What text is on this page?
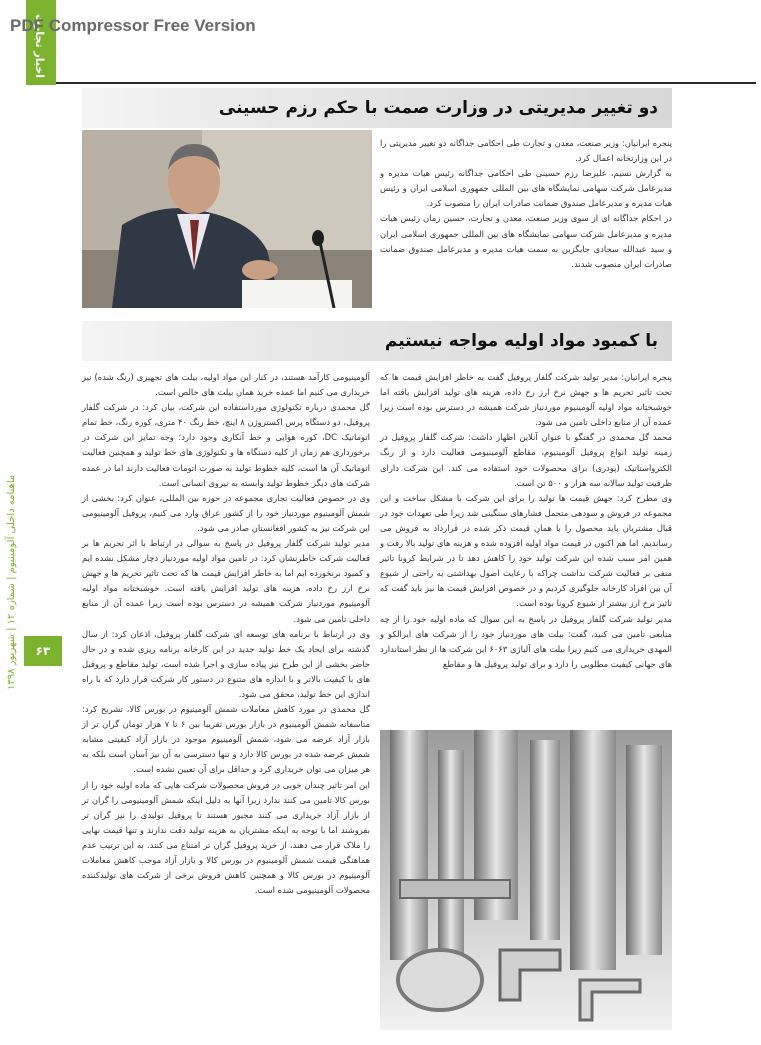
PDF Compressor Free Version
اخبار تجارت
ماهنامه داخلی آلومینیوم | شماره ۱۲ | شهریور ۱۳۹۸
۶۳
دو تغییر مدیریتی در وزارت صمت با حکم رزم حسینی

پنجره ایرانیان: وزیر صنعت، معدن و تجارت طی احکامی جداگانه دو تغییر مدیریتی را در این وزارتخانه اعمال کرد.

به گزارش نسیم، علیرضا رزم حسینی طی احکامی جداگانه رئیس هیات مدیره و مدیرعامل شرکت سهامی نمایشگاه های بین المللی جمهوری اسلامی ایران و رئیس هیات مدیره و مدیرعامل صندوق ضمانت صادرات ایران را منصوب کرد.

در احکام جداگانه ای از سوی وزیر صنعت، معدن و تجارت، حسین زمان رئیس هیات مدیره و مدیرعامل شرکت سهامی نمایشگاه های بین المللی جمهوری اسلامی ایران و سید عبدالله سجادی جایگزین به سمت هیات مدیره و مدیرعامل صندوق ضمانت صادرات ایران منصوب شدند.

با کمبود مواد اولیه مواجه نیستیم

پنجره ایرانیان: مدیر تولید شرکت گلفار پروفیل گفت به خاطر افزایش قیمت ها که تحت تاثیر تحریم ها و جهش نرخ ارز رخ داده، هزینه های تولید افزایش یافته اما خوشبختانه مواد اولیه آلومینیوم موردنیاز شرکت همیشه در دسترس بوده است زیرا عمده آن از منابع داخلی تامین می شود.

محمد گل محمدی در گفتگو با عنوان آنلاین اظهار داشت: شرکت گلفار پروفیل در زمینه تولید انواع پروفیل آلومینیوم، مقاطع آلومینیومی فعالیت دارد و از رنگ الکترواستاتیک (پودری) برای محصولات خود استفاده می کند. این شرکت دارای ظرفیت تولید سالانه سه هزار و ۵۰۰ تن است.

وی مطرح کرد: جهش قیمت ها تولید را برای این شرکت با مشکل ساخت و این مجموعه در فروش و سودهی متحمل فشارهای سنگینی شد زیرا طی تعهدات خود در قبال مشتریان باید محصول را با همان قیمت ذکر شده در قرارداد به فروش می رساندیم. اما هم اکنون در قیمت مواد اولیه افزوده شده و هزینه های تولید بالا رفت و همین امر سبب شده این شرکت تولید خود را کاهش دهد تا در شرایط کرونا تاثیر منفی بر فعالیت شرکت نداشت چراکه با رعایت اصول بهداشتی به راحتی از شیوع آن بین افراد کارخانه جلوگیری کردیم و در خصوص افزایش قیمت ها نیز باید گفت که تاثیر نرخ ارز بیشتر از شیوع کرونا بوده است.

مدیر تولید شرکت گلفار پروفیل در پاسخ به این سوال که ماده اولیه خود را از چه منابعی تامین می کنید، گفت: بیلت های موردنیاز خود را از شرکت های ایرالکو و المهدی خریداری می کنیم زیرا بیلت های آلیاژی ۶۰۶۳ این شرکت ها از نظر استاندارد های جهانی کیفیت مطلوبی را دارد و برای تولید پروفیل ها و مقاطع

آلومینیومی کارآمد هستند، در کنار این مواد اولیه، بیلت های تجهیزی (رنگ شده) نیز خریداری می کنیم اما عمده خرید همان بیلت های خالص است.

گل محمدی درباره تکنولوژی مورداستفاده این شرکت، بیان کرد: در شرکت گلفار پروفیل، دو دستگاه پرس اکستروژن ۸ اینچ، خط رنگ ۴۰ متری، کوره رنگ، خط تمام اتوماتیک DC، کوره هوایی و خط آنکاری وجود دارد؛ وجه تمایز این شرکت در برخورداری هم زمان از کلیه دستگاه ها و تکنولوژی های خط تولید و همچنین فعالیت اتوماتیک آن ها است، کلیه خطوط تولید به صورت اتومات فعالیت دارند اما در عمده شرکت های دیگر خطوط تولید وابسته به نیروی انسانی است.

وی در خصوص فعالیت تجاری مجموعه در حوزه بین المللی، عنوان کرد: بخشی از شمش آلومینیوم موردنیاز خود را از کشور عراق وارد می کنیم، پروفیل آلومینیومی این شرکت نیز به کشور افغانستان صادر می شود.

مدیر تولید شرکت گلفار پروفیل در پاسخ به سوالی در ارتباط با اثر تحریم ها بر فعالیت شرکت خاطرنشان کرد: در تامین مواد اولیه موردنیاز دچار مشکل نشده ایم و کمبود برنخورده ایم اما به خاطر افزایش قیمت ها که تحت تاثیر تحریم ها و جهش نرخ ارز رخ داده، هزینه های تولید افزایش یافته است. خوشبختانه مواد اولیه آلومینیوم موردنیاز شرکت همیشه در دسترس بوده است زیرا عمده آن از منابع داخلی تامین می شود.

وی در ارتباط با برنامه های توسعه ای شرکت گلفار پروفیل، اذعان کرد: از سال گذشته برای ایجاد یک خط تولید جدید در این کارخانه برنامه ریزی شده و در حال حاضر بخشی از این طرح نیز پیاده سازی و اجرا شده است، تولید مقاطع و پروفیل های با کیفیت بالاتر و با اندازه های متنوع در دستور کار شرکت قرار دارد که با راه اندازی این خط تولید، محقق می شود.

گل محمدی در مورد کاهش معاملات شمش آلومینیوم در بورس کالا، تشریح کرد: متاسفانه شمش آلومینیوم در بازار بورس تقریبا بین ۶ تا ۷ هزار تومان گران تر از بازار آزاد عرضه می شود، شمش آلومینیوم موجود در بازار آزاد کیفیتی مشابه شمش عرضه شده در بورس کالا دارد و تنها دسترسی به آن نیز آسان است بلکه به هر میزان می توان خریداری کرد و حداقل برای آن تعیین نشده است.

این امر تاثیر چندان خوبی در فروش محصولات شرکت هایی که ماده اولیه خود را از بورس کالا تامین می کنند ندارد زیرا آنها به دلیل اینکه شمش آلومینیومی را گران تر از بازار آزاد خریداری می کنند مجبور هستند تا پروفیل تولیدی را نیز گران تر بفروشند اما با توجه به اینکه مشتریان به هزینه تولید دقت ندارند و تنها قیمت نهایی را ملاک قرار می دهند، از خرید پروفیل گران تر امتناع می کنند. به این ترتیب عدم هماهنگی قیمت شمش آلومینیوم در بورس کالا و بازار آزاد موجب کاهش معاملات آلومینیوم در بورس کالا و همچنین کاهش فروش برخی از شرکت های تولیدکننده محصولات آلومینیومی شده است.
